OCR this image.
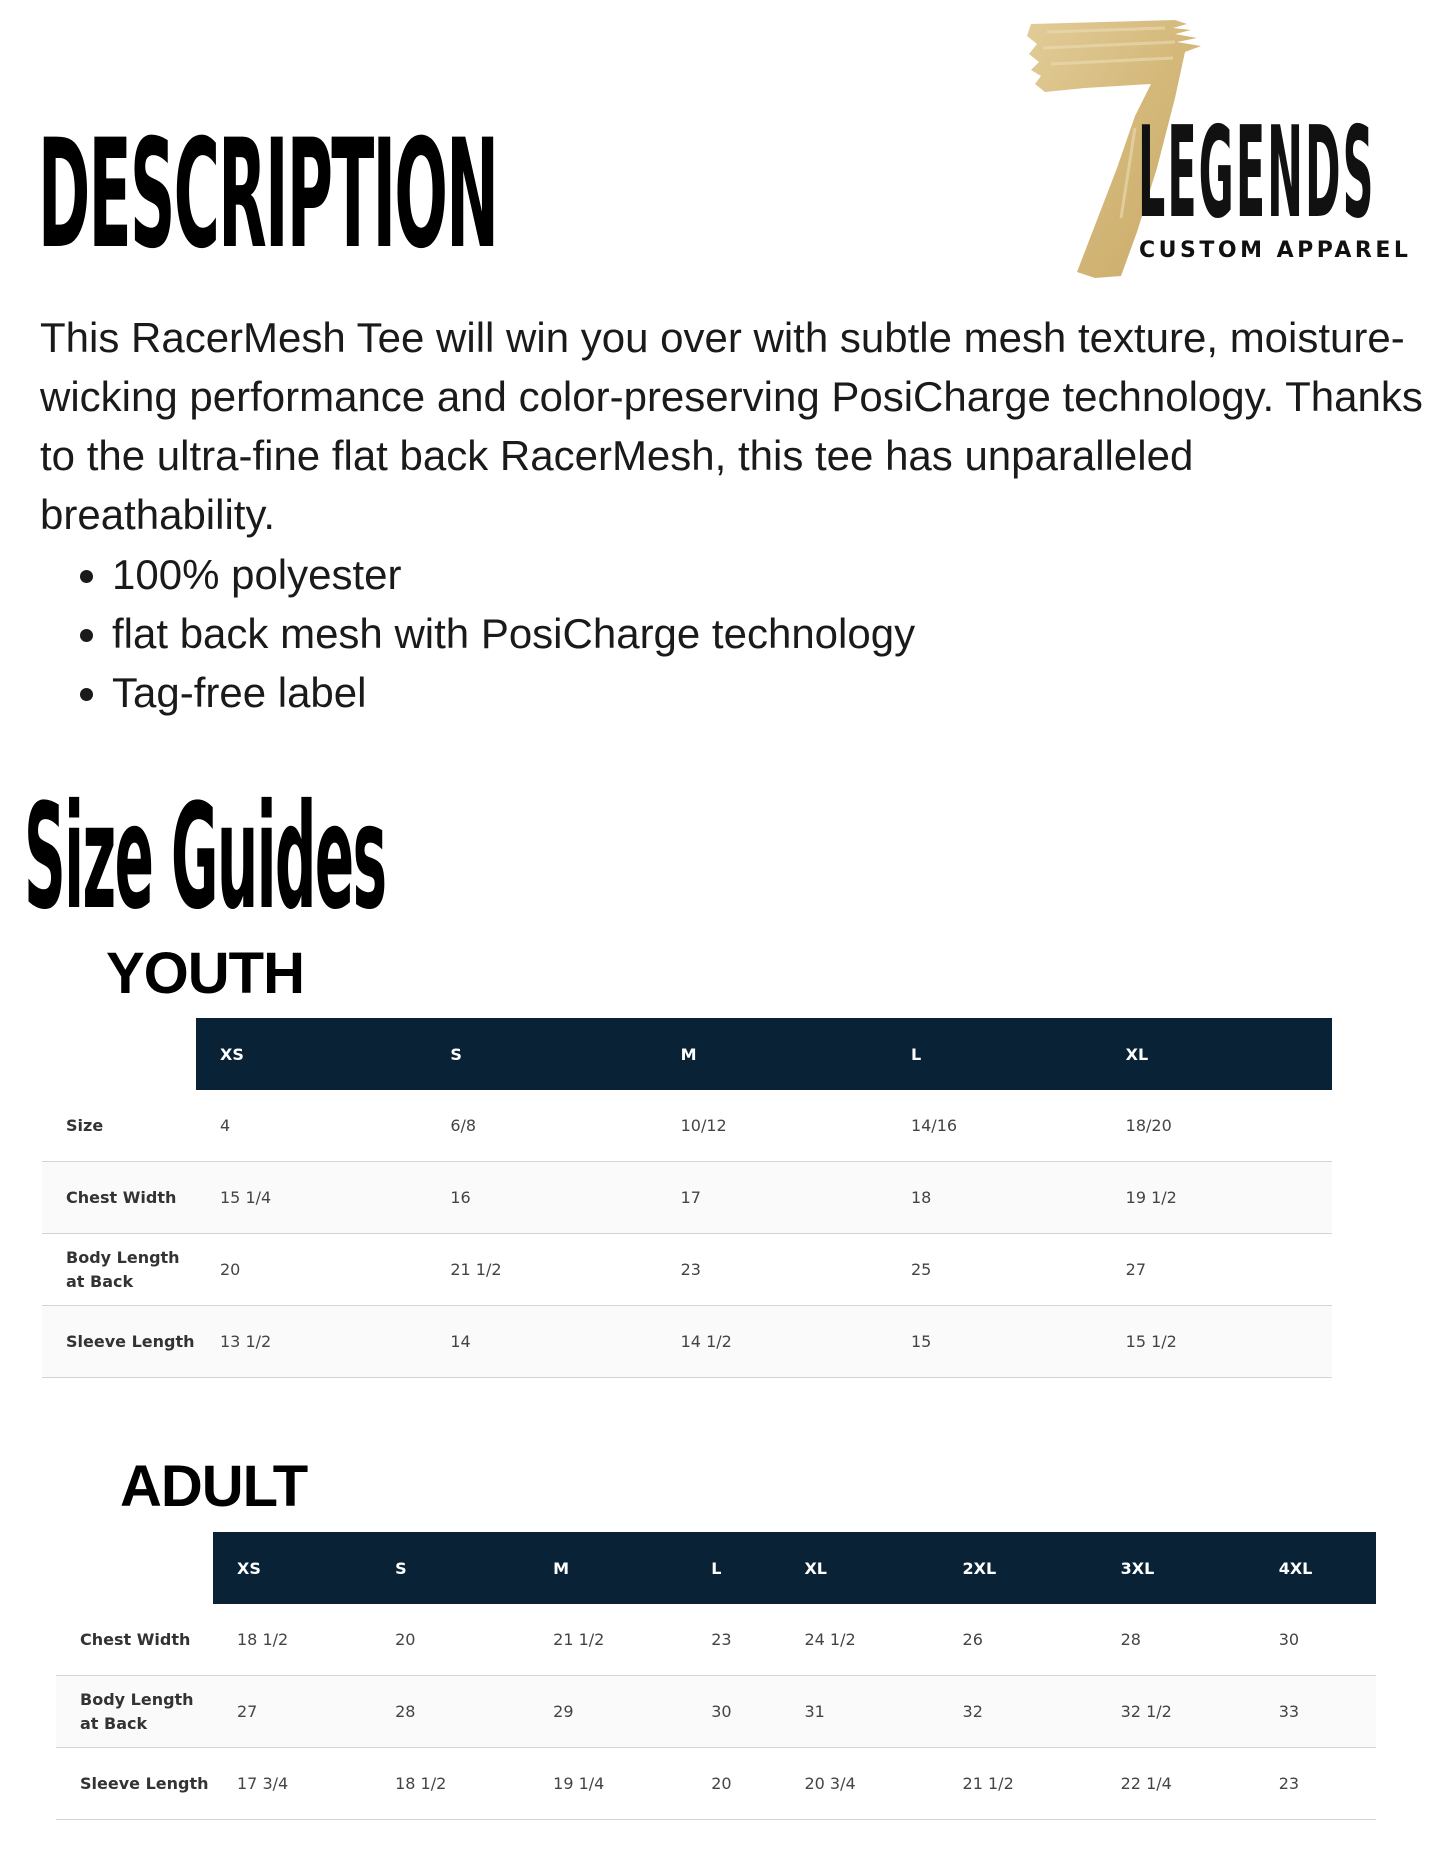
DESCRIPTION	LEGENDS
CUSTOM APPAREL

This RacerMesh Tee will win you over with subtle mesh texture, moisture-wicking performance and color-preserving PosiCharge technology. Thanks to the ultra-fine flat back RacerMesh, this tee has unparalleled breathability.

• 100% polyester
• flat back mesh with PosiCharge technology
• Tag-free label
Size Guides
YOUTH
	XS	S	M	L	XL
Size	4	6/8	10/12	14/16	18/20
Chest Width	15 1/4	16	17	18	19 1/2
Body Length at Back	20	21 1/2	23	25	27
Sleeve Length	13 1/2	14	14 1/2	15	15 1/2
ADULT
	XS	S	M	L	XL	2XL	3XL	4XL
Chest Width	18 1/2	20	21 1/2	23	24 1/2	26	28	30
Body Length at Back	27	28	29	30	31	32	32 1/2	33
Sleeve Length	17 3/4	18 1/2	19 1/4	20	20 3/4	21 1/2	22 1/4	23
